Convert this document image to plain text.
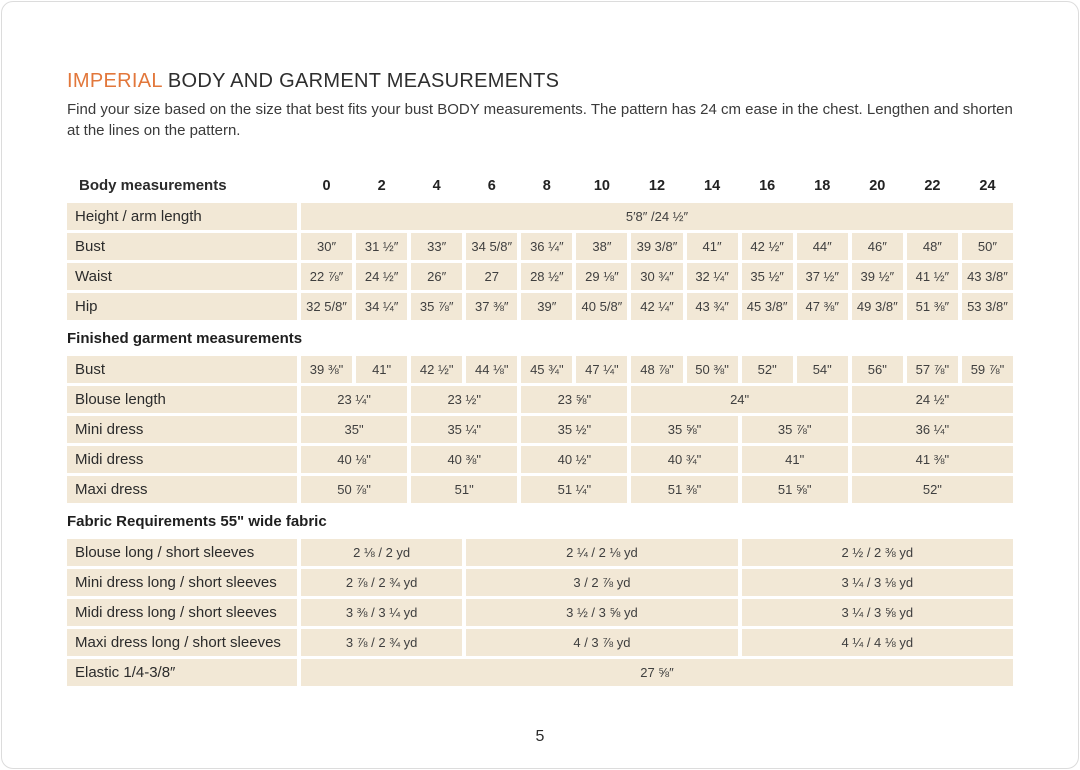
IMPERIAL BODY AND GARMENT MEASUREMENTS

Find your size based on the size that best fits your bust BODY measurements. The pattern has 24 cm ease in the chest. Lengthen and shorten at the lines on the pattern.

Body measurements	0	2	4	6	8	10	12	14	16	18	20	22	24
Height / arm length	5′8″ /24 ½″
Bust	30″	31 ½″	33″	34 5/8″	36 ¼″	38″	39 3/8″	41″	42 ½″	44″	46″	48″	50″
Waist	22 ⅞″	24 ½″	26″	27	28 ½″	29 ⅛″	30 ¾″	32 ¼″	35 ½″	37 ½″	39 ½″	41 ½″	43 3/8″
Hip	32 5/8″	34 ¼″	35 ⅞″	37 ⅜″	39″	40 5/8″	42 ¼″	43 ¾″	45 3/8″	47 ⅜″	49 3/8″	51 ⅜″	53 3/8″
Finished garment measurements
Bust	39 ⅜"	41"	42 ½"	44 ⅛"	45 ¾"	47 ¼"	48 ⅞"	50 ⅜"	52"	54"	56"	57 ⅞"	59 ⅞"
Blouse length	23 ¼"	23 ½"	23 ⅝"	24"	24 ½"
Mini dress	35"	35 ¼"	35 ½"	35 ⅝"	35 ⅞"	36 ¼"
Midi dress	40 ⅛"	40 ⅜"	40 ½"	40 ¾"	41"	41 ⅜"
Maxi dress	50 ⅞"	51"	51 ¼"	51 ⅜"	51 ⅝"	52"
Fabric Requirements 55" wide fabric
Blouse long / short sleeves	2 ⅛ / 2 yd	2 ¼ / 2 ⅛ yd	2 ½ / 2 ⅜ yd
Mini dress long / short sleeves	2 ⅞ / 2 ¾ yd	3 / 2 ⅞ yd	3 ¼ / 3 ⅛ yd
Midi dress long / short sleeves	3 ⅜ / 3 ¼ yd	3 ½ / 3 ⅝ yd	3 ¼ / 3 ⅝ yd
Maxi dress long / short sleeves	3 ⅞ / 2 ¾ yd	4 / 3 ⅞ yd	4 ¼ / 4 ⅛ yd
Elastic 1/4-3/8″	27 ⅝″
5
